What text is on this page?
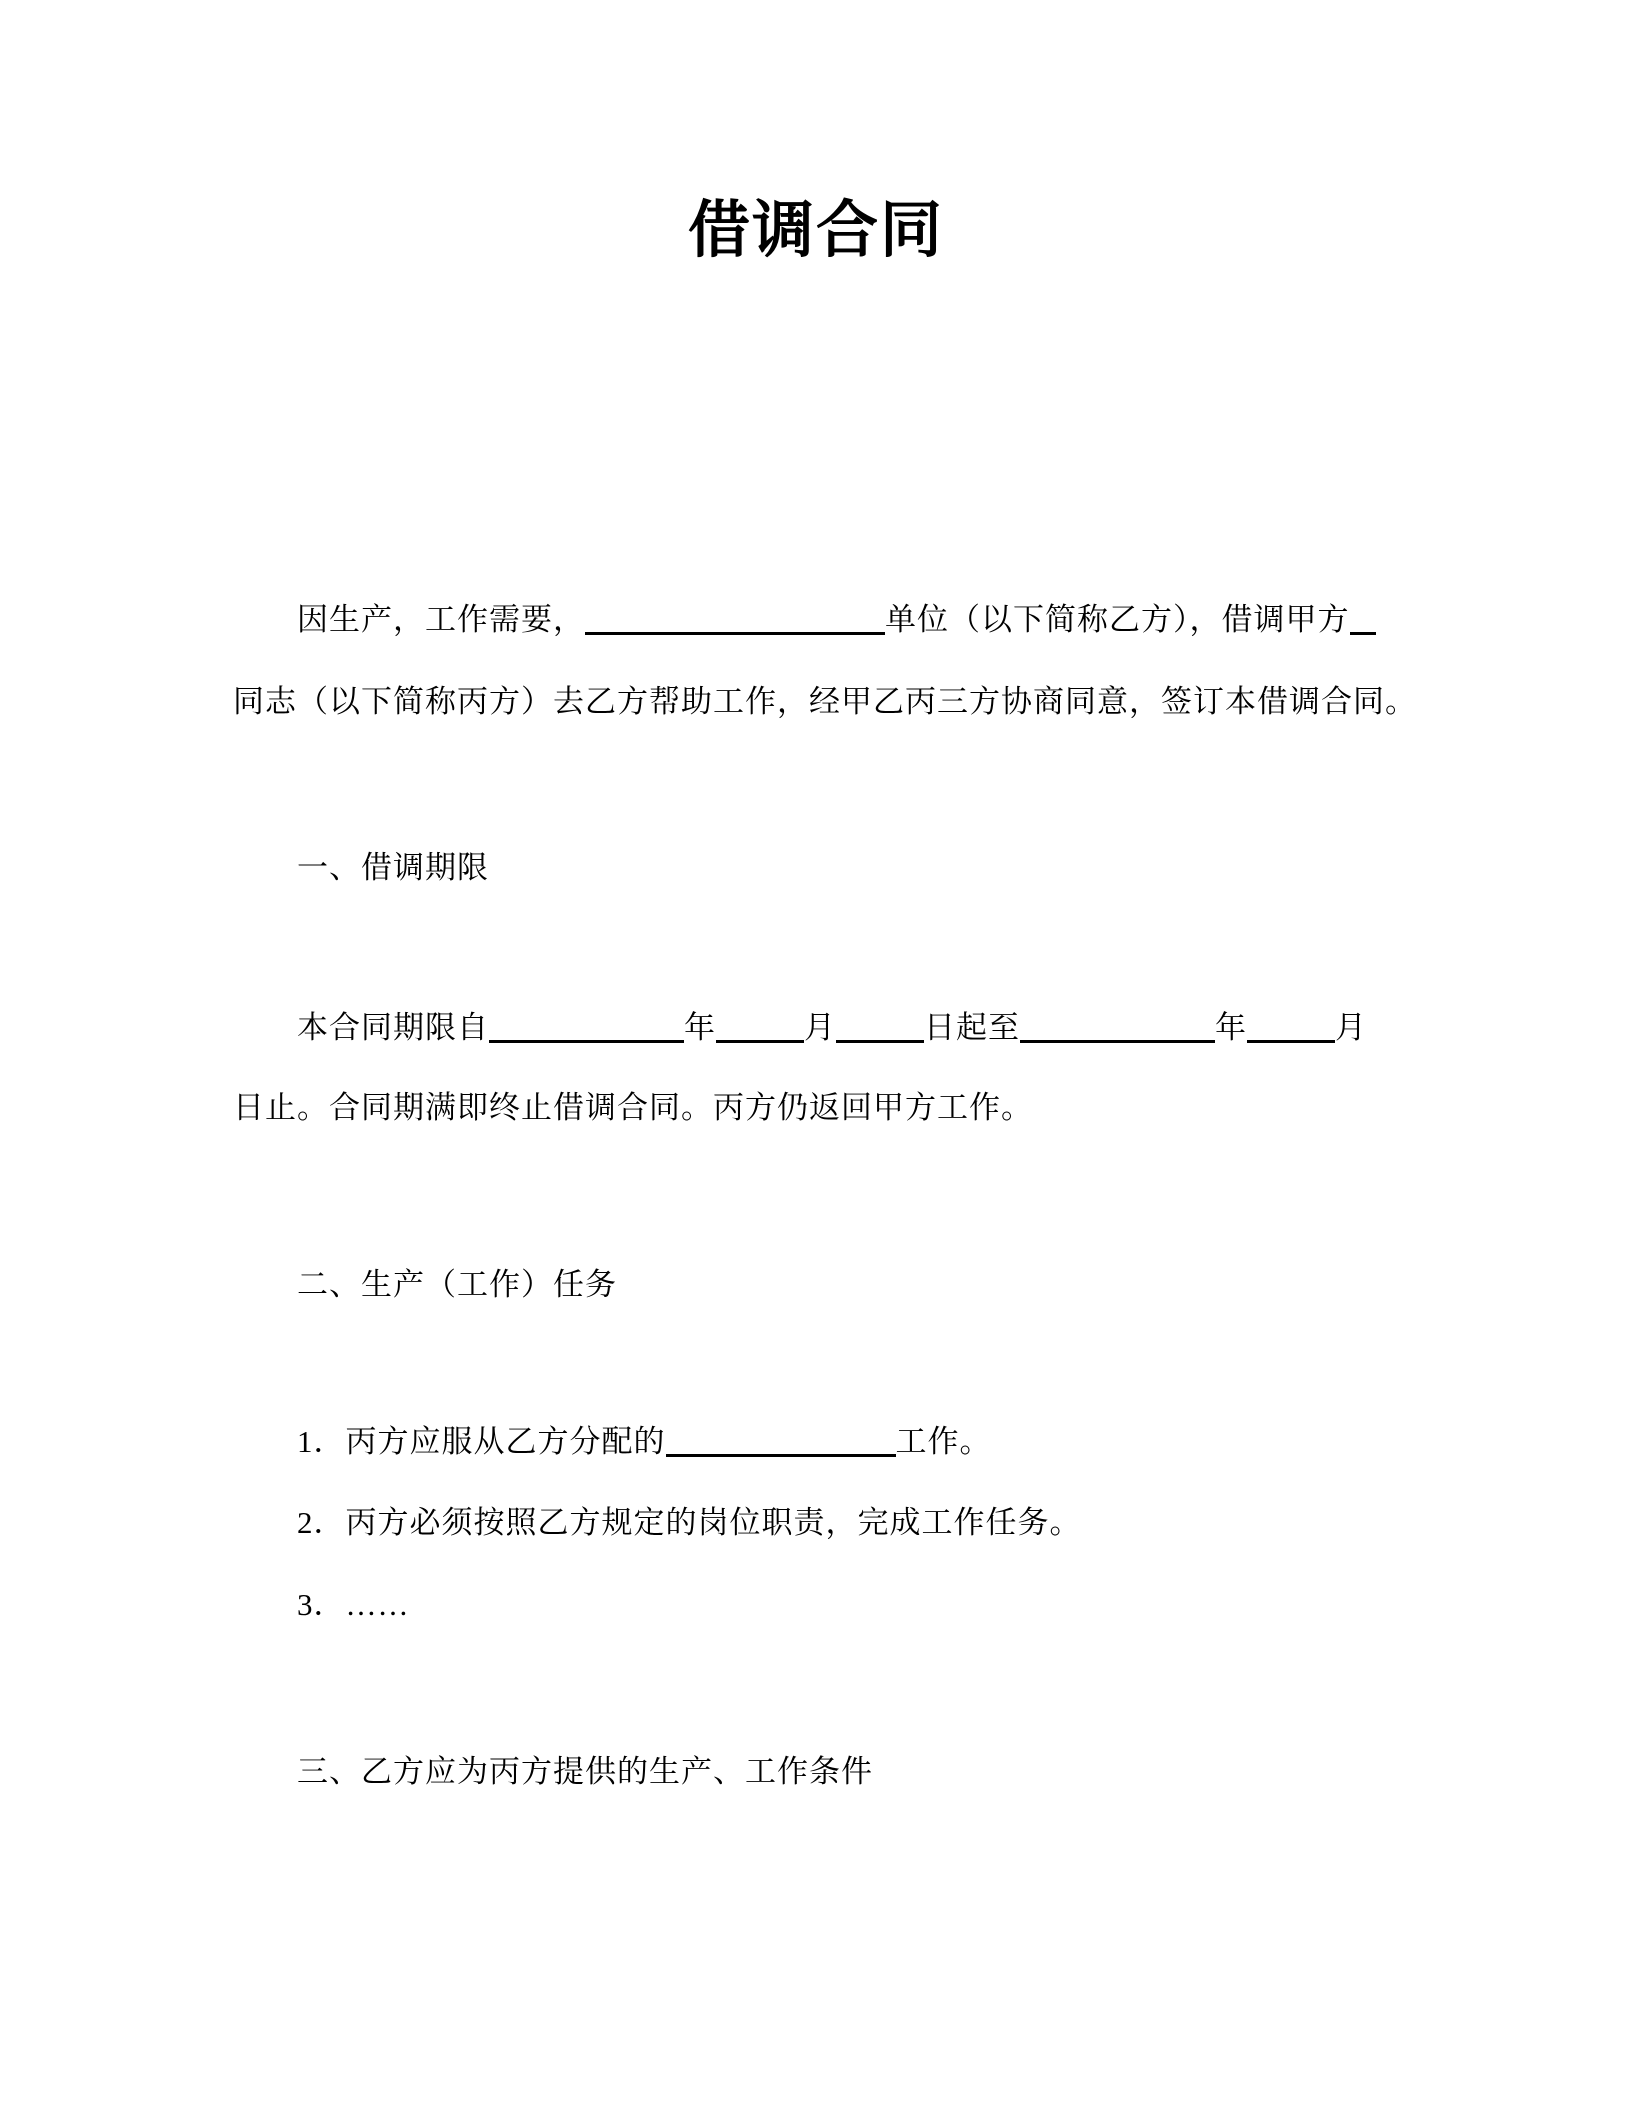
借调合同
因生产，工作需要，	单位（以下简称乙方），借调甲方
同志（以下简称丙方）去乙方帮助工作，经甲乙丙三方协商同意，签订本借调合同。
一、借调期限
本合同期限自	年	月	日起至	年	月
日止。合同期满即终止借调合同。丙方仍返回甲方工作。
二、生产（工作）任务
1．丙方应服从乙方分配的	工作。
2．丙方必须按照乙方规定的岗位职责，完成工作任务。
3．……
三、乙方应为丙方提供的生产、工作条件
